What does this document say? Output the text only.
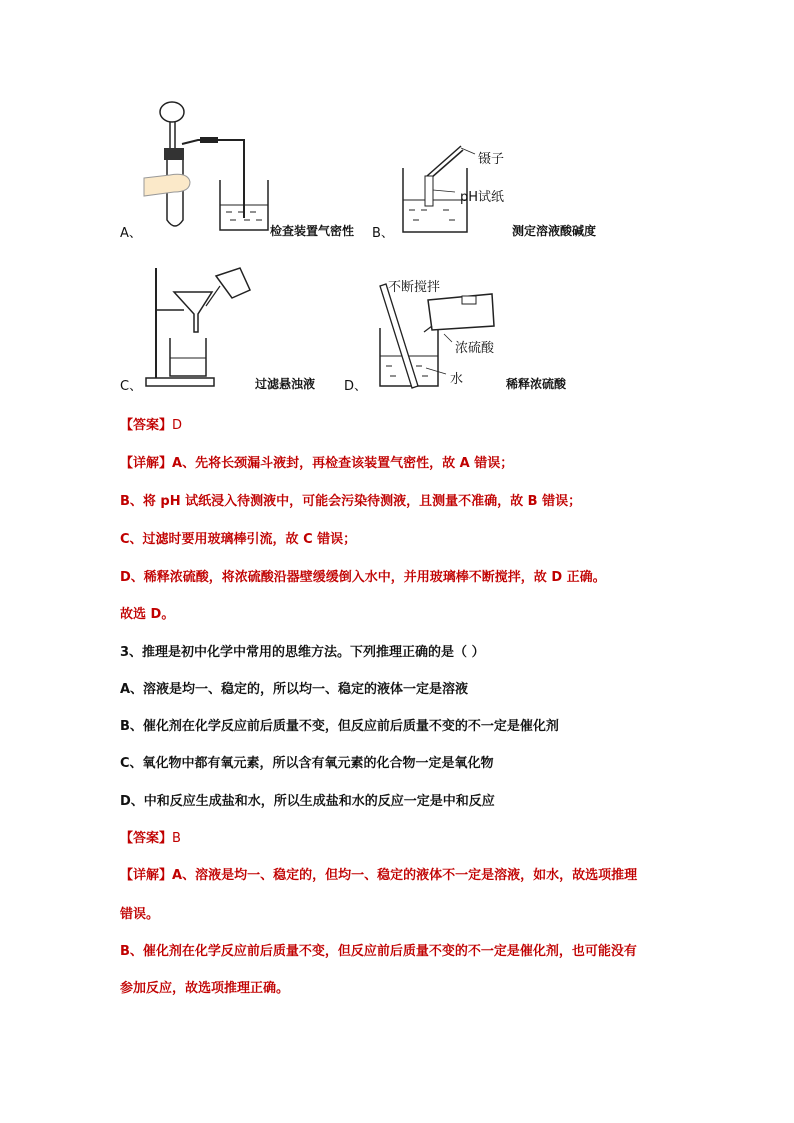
A、	检查装置气密性 B、
镊子
pH试纸
测定溶液酸碱度
C、	过滤悬浊液 D、
不断搅拌
浓硫酸
水	稀释浓硫酸
【答案】D
【详解】A、先将长颈漏斗液封，再检查该装置气密性，故 A 错误；
B、将 pH 试纸浸入待测液中，可能会污染待测液，且测量不准确，故 B 错误；
C、过滤时要用玻璃棒引流，故 C 错误；
D、稀释浓硫酸，将浓硫酸沿器壁缓缓倒入水中，并用玻璃棒不断搅拌，故 D 正确。
故选 D。
3、推理是初中化学中常用的思维方法。下列推理正确的是（ ）
A、溶液是均一、稳定的，所以均一、稳定的液体一定是溶液
B、催化剂在化学反应前后质量不变，但反应前后质量不变的不一定是催化剂
C、氧化物中都有氧元素，所以含有氧元素的化合物一定是氧化物
D、中和反应生成盐和水，所以生成盐和水的反应一定是中和反应
【答案】B
【详解】A、溶液是均一、稳定的，但均一、稳定的液体不一定是溶液，如水，故选项推理
错误。
B、催化剂在化学反应前后质量不变，但反应前后质量不变的不一定是催化剂，也可能没有
参加反应，故选项推理正确。
